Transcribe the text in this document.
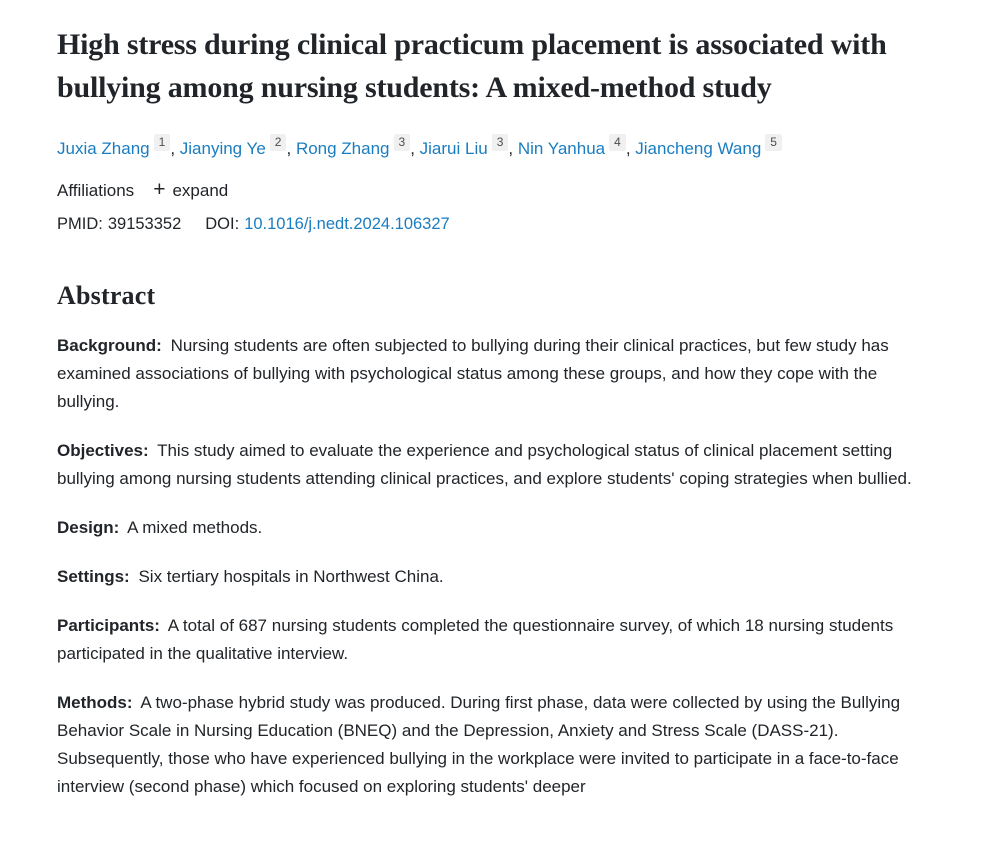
High stress during clinical practicum placement is associated with bullying among nursing students: A mixed-method study
Juxia Zhang 1 , Jianying Ye 2 , Rong Zhang 3 , Jiarui Liu 3 , Nin Yanhua 4 , Jiancheng Wang 5
Affiliations + expand
PMID: 39153352 DOI: 10.1016/j.nedt.2024.106327
Abstract

Background: Nursing students are often subjected to bullying during their clinical practices, but few study has examined associations of bullying with psychological status among these groups, and how they cope with the bullying.

Objectives: This study aimed to evaluate the experience and psychological status of clinical placement setting bullying among nursing students attending clinical practices, and explore students' coping strategies when bullied.

Design: A mixed methods.

Settings: Six tertiary hospitals in Northwest China.

Participants: A total of 687 nursing students completed the questionnaire survey, of which 18 nursing students participated in the qualitative interview.

Methods: A two-phase hybrid study was produced. During first phase, data were collected by using the Bullying Behavior Scale in Nursing Education (BNEQ) and the Depression, Anxiety and Stress Scale (DASS-21). Subsequently, those who have experienced bullying in the workplace were invited to participate in a face-to-face interview (second phase) which focused on exploring students' deeper
